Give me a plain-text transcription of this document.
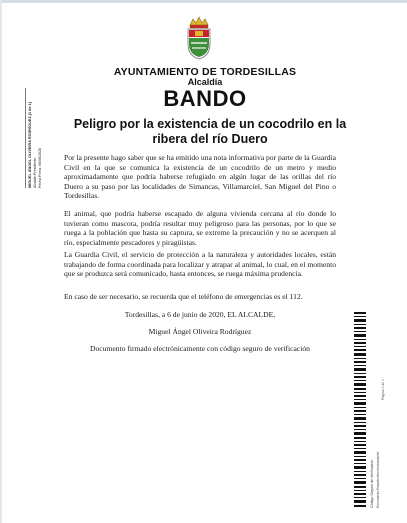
AYUNTAMIENTO DE TORDESILLAS
Alcaldía
BANDO
Peligro por la existencia de un cocodrilo en la ribera del río Duero
Por la presente hago saber que se ha emitido una nota informativa por parte de la Guardia Civil en la que se comunica la existencia de un cocodrilo de un metro y medio aproximadamente que podría haberse refugiado en algún lugar de las orillas del río Duero a su paso por las localidades de Simancas, Villamarciel, San Miguel del Pino o Tordesillas.
El animal, que podría haberse escapado de alguna vivienda cercana al río donde lo tuvieran como mascota, podría resultar muy peligroso para las personas, por lo que se ruega a la población que hasta su captura, se extreme la precaución y no se acerquen al río, especialmente pescadores y piragüistas.
La Guardia Civil, el servicio de protección a la naturaleza y autoridades locales, están trabajando de forma coordinada para localizar y atrapar al animal, lo cual, en el momento que se produzca será comunicado, hasta entonces, se ruega máxima prudencia.
En caso de ser necesario, se recuerda que el teléfono de emergencias es el 112.
Tordesillas, a 6 de junio de 2020, EL ALCALDE,
Miguel Ángel Oliveira Rodríguez
Documento firmado electrónicamente con código seguro de verificación
MIGUEL ÁNGEL OLIVEIRA RODRÍGUEZ (1 de 1) Alcalde-Presidente Fecha Firma: 06/06/2020
Código Seguro de Verificación Documento firmado electrónicamente
Página 1 de 1
